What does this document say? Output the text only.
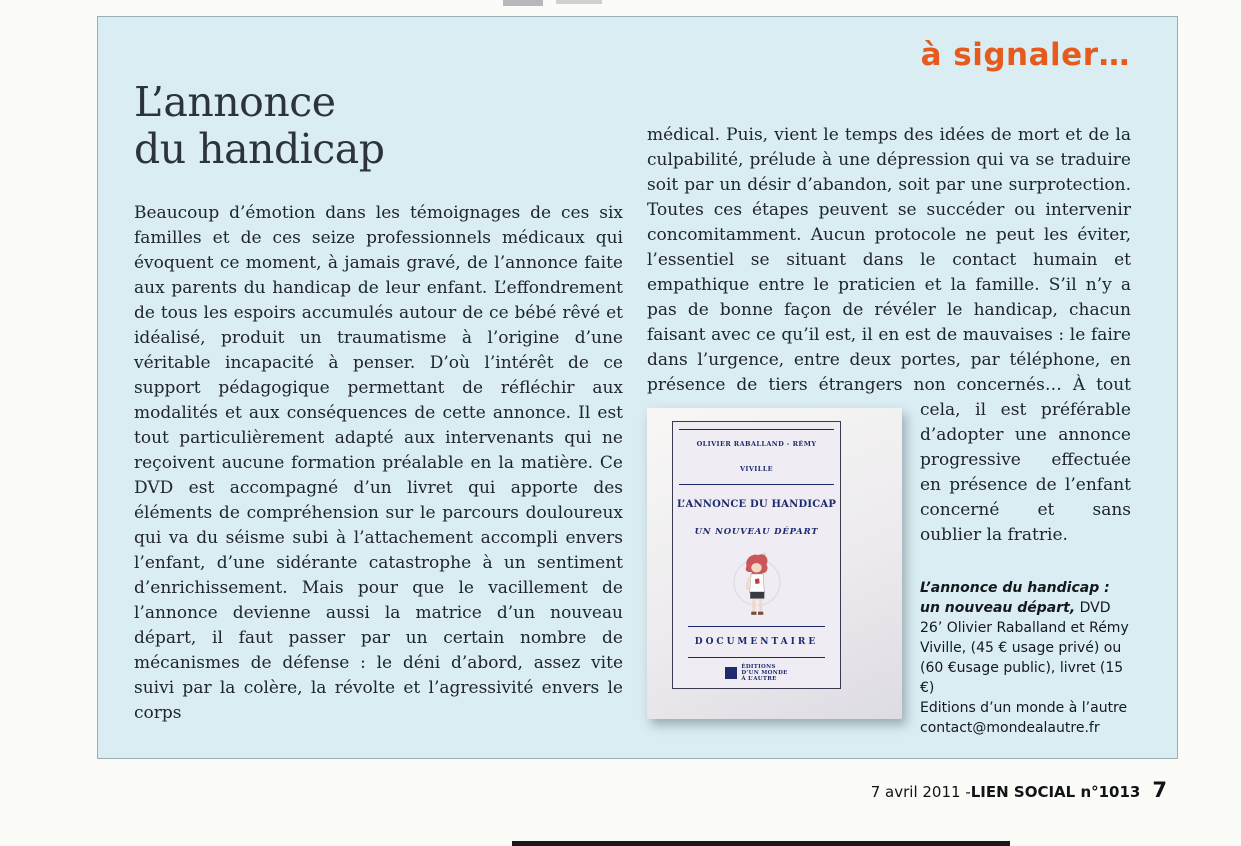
à signaler…
L’annonce
du handicap

Beaucoup d’émotion dans les témoignages de ces six familles et de ces seize professionnels médicaux qui évoquent ce moment, à jamais gravé, de l’annonce faite aux parents du handicap de leur enfant. L’effondrement de tous les espoirs accumulés autour de ce bébé rêvé et idéalisé, produit un traumatisme à l’origine d’une véritable incapacité à penser. D’où l’intérêt de ce support pédagogique permettant de réfléchir aux modalités et aux conséquences de cette annonce. Il est tout particulièrement adapté aux intervenants qui ne reçoivent aucune formation préalable en la matière. Ce DVD est accompagné d’un livret qui apporte des éléments de compréhension sur le parcours douloureux qui va du séisme subi à l’attachement accompli envers l’enfant, d’une sidérante catastrophe à un sentiment d’enrichissement. Mais pour que le vacillement de l’annonce devienne aussi la matrice d’un nouveau départ, il faut passer par un certain nombre de mécanismes de défense : le déni d’abord, assez vite suivi par la colère, la révolte et l’agressivité envers le corps

médical. Puis, vient le temps des idées de mort et de la culpabilité, prélude à une dépression qui va se traduire soit par un désir d’abandon, soit par une surprotection. Toutes ces étapes peuvent se succéder ou intervenir concomitamment. Aucun protocole ne peut les éviter, l’essentiel se situant dans le contact humain et empathique entre le praticien et la famille. S’il n’y a pas de bonne façon de révéler le handicap, chacun faisant avec ce qu’il est, il en est de mauvaises : le faire dans l’urgence, entre deux portes, par téléphone, en présence de tiers étrangers non concernés… À tout
OLIVIER RABALLAND - RÉMY VIVILLE
L’ANNONCE DU HANDICAP
UN NOUVEAU DÉPART
DOCUMENTAIRE
ÉDITIONS
D’UN MONDE
À L’AUTRE
cela, il est préférable d’adopter une annonce progressive effectuée en présence de l’enfant concerné et sans oublier la fratrie.

L’annonce du handicap : un nouveau départ, DVD 26’ Olivier Raballand et Rémy Viville, (45 € usage privé) ou (60 €usage public), livret (15 €)
Editions d’un monde à l’autre
contact@mondealautre.fr
7 avril 2011 - LIEN SOCIAL n°1013 7
